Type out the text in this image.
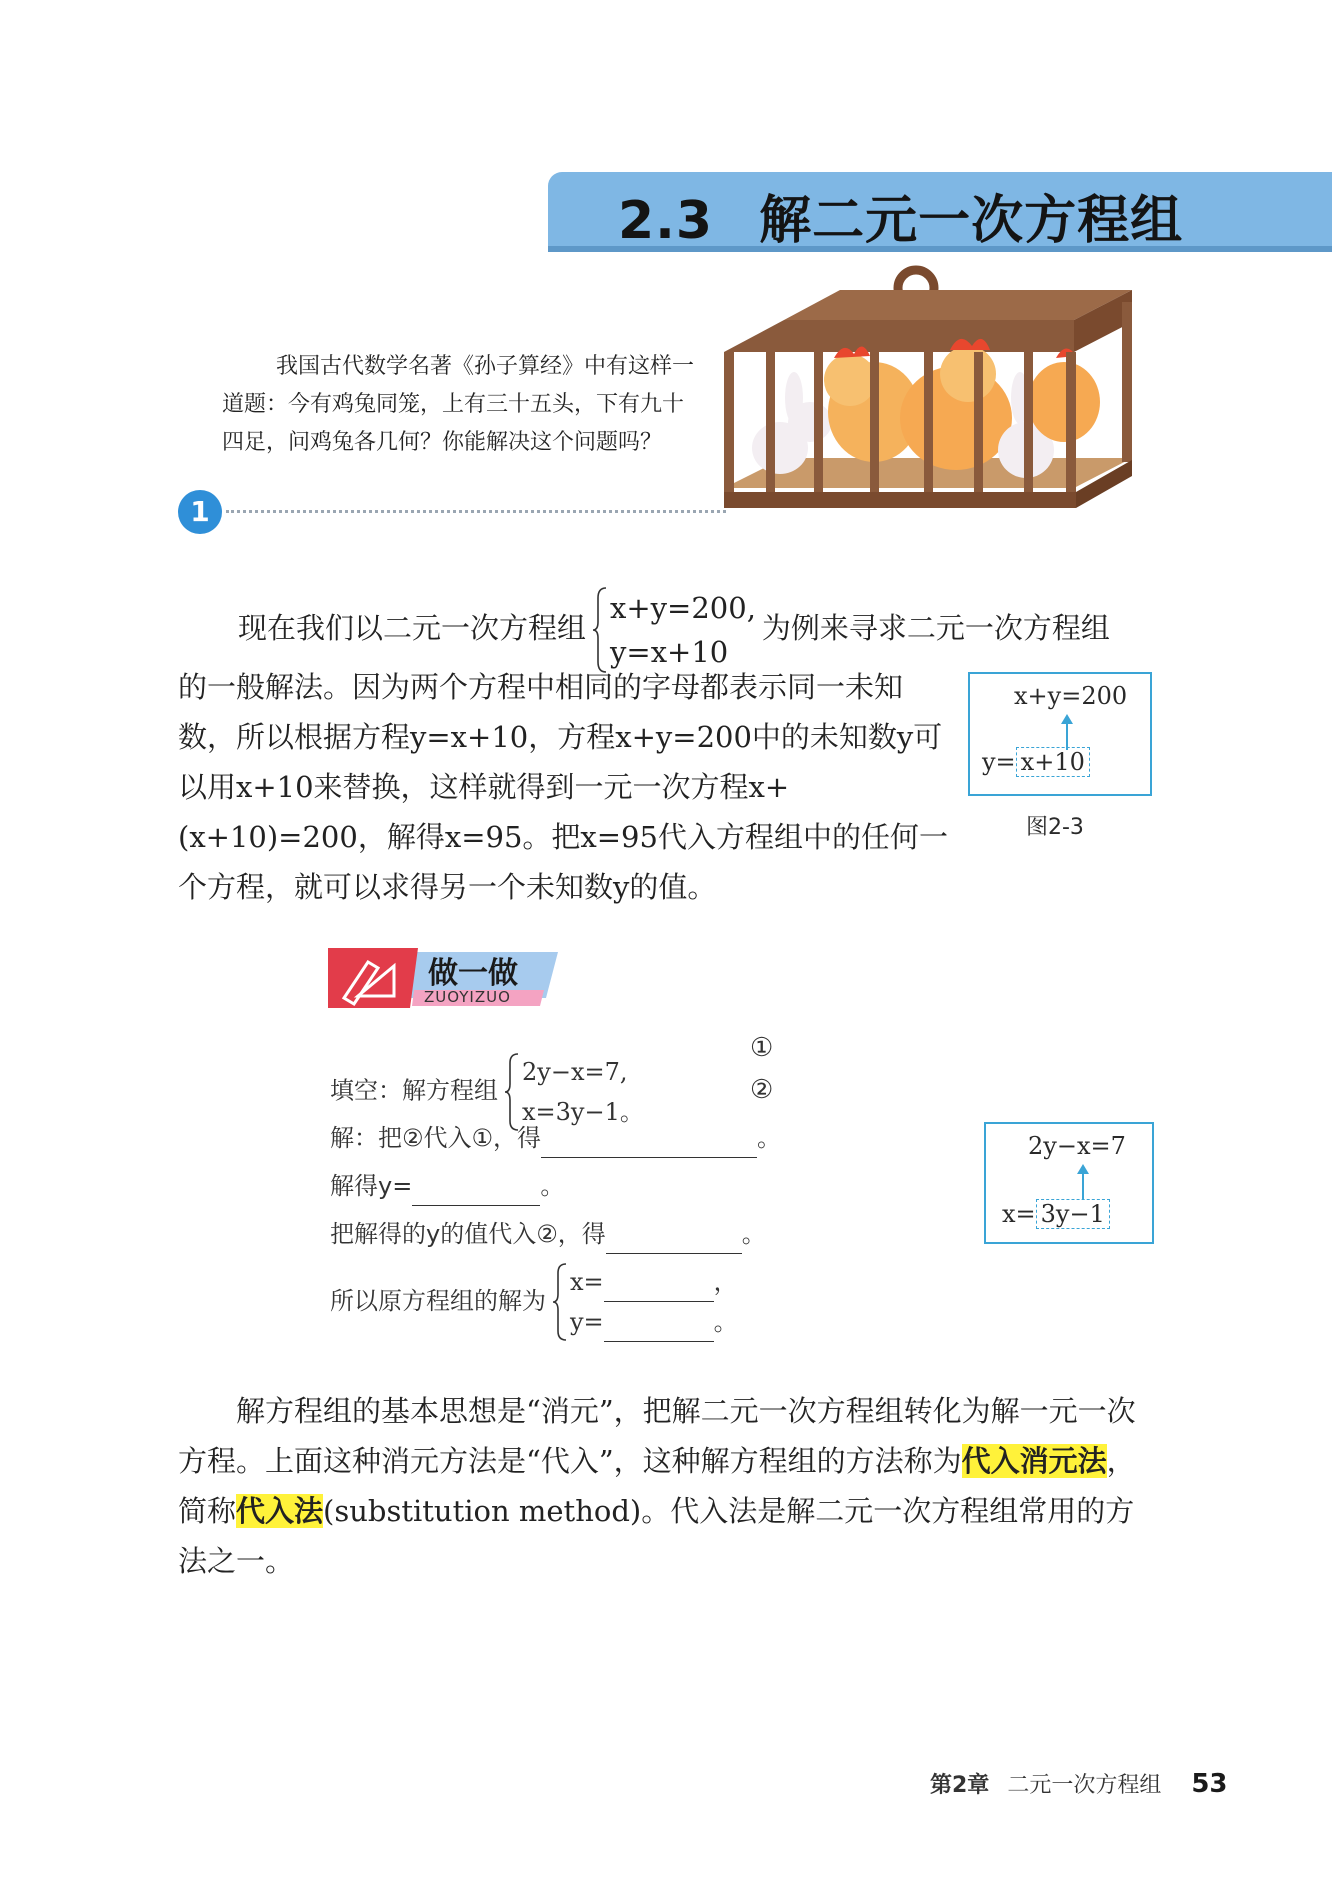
2.3 解二元一次方程组

我国古代数学名著《孙子算经》中有这样一道题：今有鸡兔同笼，上有三十五头，下有九十四足，问鸡兔各几何？你能解决这个问题吗？

1
现在我们以二元一次方程组
x+y=200,
y=x+10
为例来寻求二元一次方程组
的一般解法。因为两个方程中相同的字母都表示同一未知数，所以根据方程y=x+10，方程x+y=200中的未知数y可以用x+10来替换，这样就得到一元一次方程x+(x+10)=200，解得x=95。把x=95代入方程组中的任何一个方程，就可以求得另一个未知数y的值。
x+y=200
y= x+10
图2-3
做一做
ZUOYIZUO
填空：解方程组
2y−x=7,
x=3y−1。
①
②
解：把②代入①，得	。
解得y=	。
把解得的y的值代入②，得	。
所以原方程组的解为
x=	，
y=	。
2y−x=7
x= 3y−1

解方程组的基本思想是“消元”，把解二元一次方程组转化为解一元一次方程。上面这种消元方法是“代入”，这种解方程组的方法称为代入消元法，简称代入法(substitution method)。代入法是解二元一次方程组常用的方法之一。

第2章 二元一次方程组 53
